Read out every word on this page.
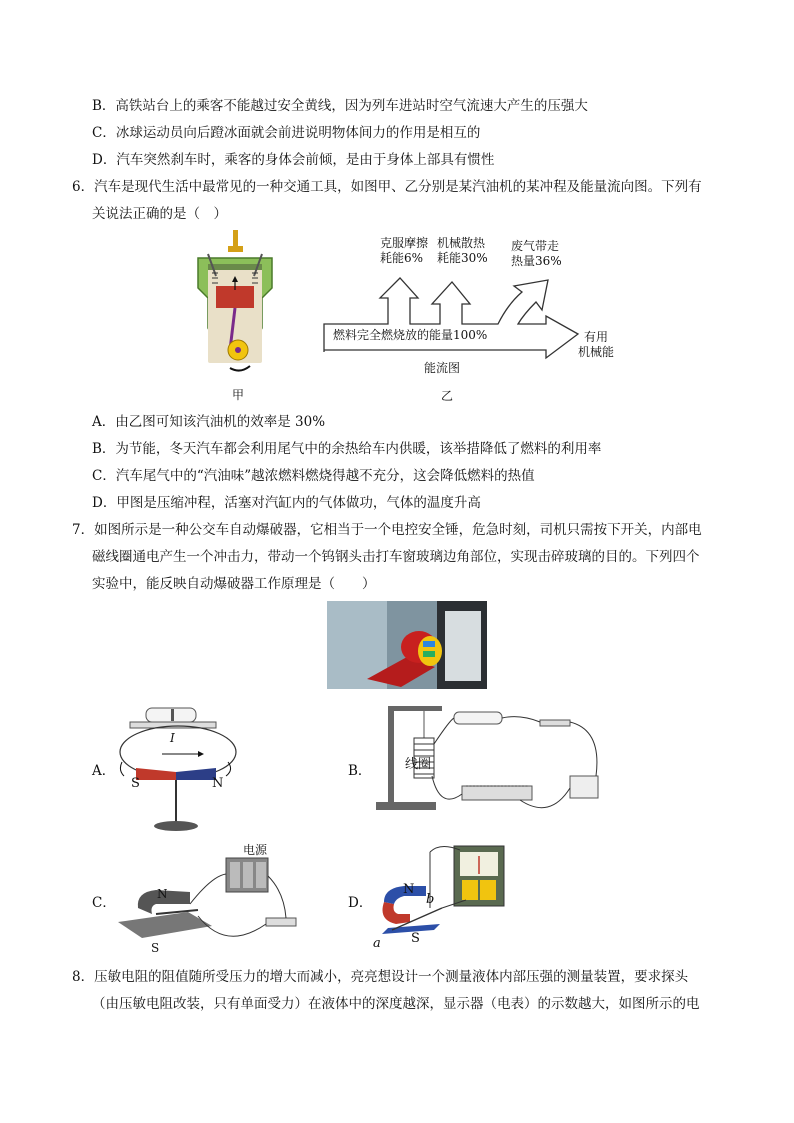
B．高铁站台上的乘客不能越过安全黄线，因为列车进站时空气流速大产生的压强大
C．冰球运动员向后蹬冰面就会前进说明物体间力的作用是相互的
D．汽车突然刹车时，乘客的身体会前倾，是由于身体上部具有惯性
6．汽车是现代生活中最常见的一种交通工具，如图甲、乙分别是某汽油机的某冲程及能量流向图。下列有
关说法正确的是（　）
甲
克服摩擦
耗能6%
机械散热
耗能30%
废气带走
热量36%
燃料完全燃烧放的能量100%	有用
机械能
能流图
乙
A．由乙图可知该汽油机的效率是 30%
B．为节能，冬天汽车都会利用尾气中的余热给车内供暖，该举措降低了燃料的利用率
C．汽车尾气中的“汽油味”越浓燃料燃烧得越不充分，这会降低燃料的热值
D．甲图是压缩冲程，活塞对汽缸内的气体做功，气体的温度升高
7．如图所示是一种公交车自动爆破器，它相当于一个电控安全锤，危急时刻，司机只需按下开关，内部电
磁线圈通电产生一个冲击力，带动一个钨钢头击打车窗玻璃边角部位，实现击碎玻璃的目的。下列四个
实验中，能反映自动爆破器工作原理是（　　）
A．
I
S	N
B．	线圈
C．
电源
N
S
D．
N
S
a
b
8．压敏电阻的阻值随所受压力的增大而减小，亮亮想设计一个测量液体内部压强的测量装置，要求探头
（由压敏电阻改装，只有单面受力）在液体中的深度越深，显示器（电表）的示数越大，如图所示的电
